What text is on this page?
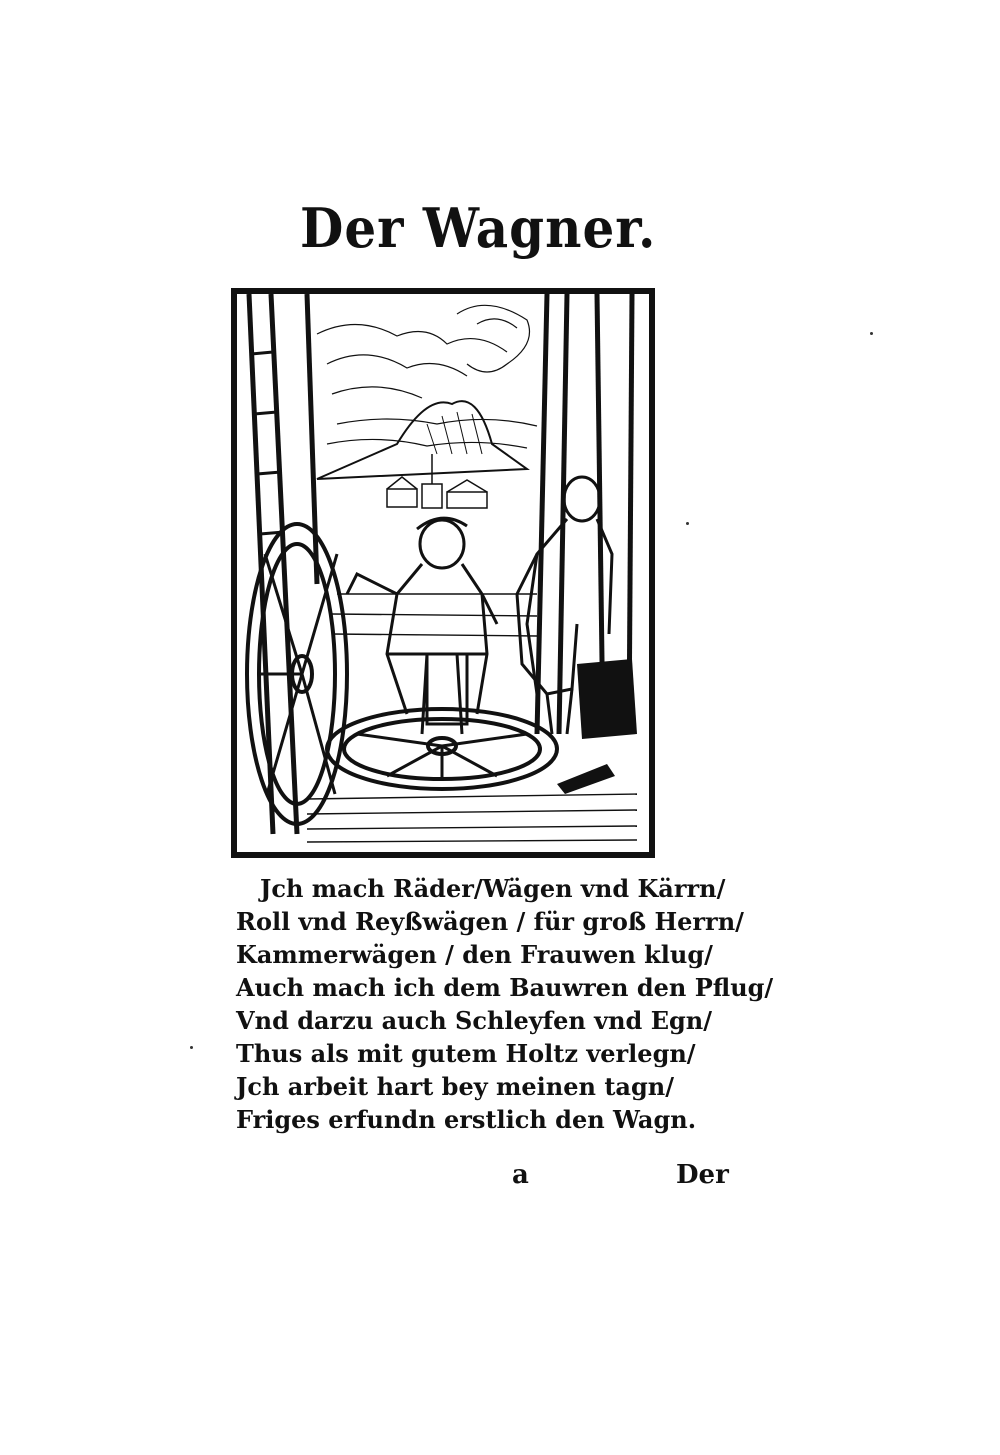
Der Wagner.
Jch mach Räder/Wägen vnd Kärrn/
Roll vnd Reyßwägen / für groß Herrn/
Kammerwägen / den Frauwen klug/
Auch mach ich dem Bauwren den Pflug/
Vnd darzu auch Schleyfen vnd Egn/
Thus als mit gutem Holtz verlegn/
Jch arbeit hart bey meinen tagn/
Friges erfundn erstlich den Wagn.
a	Der
